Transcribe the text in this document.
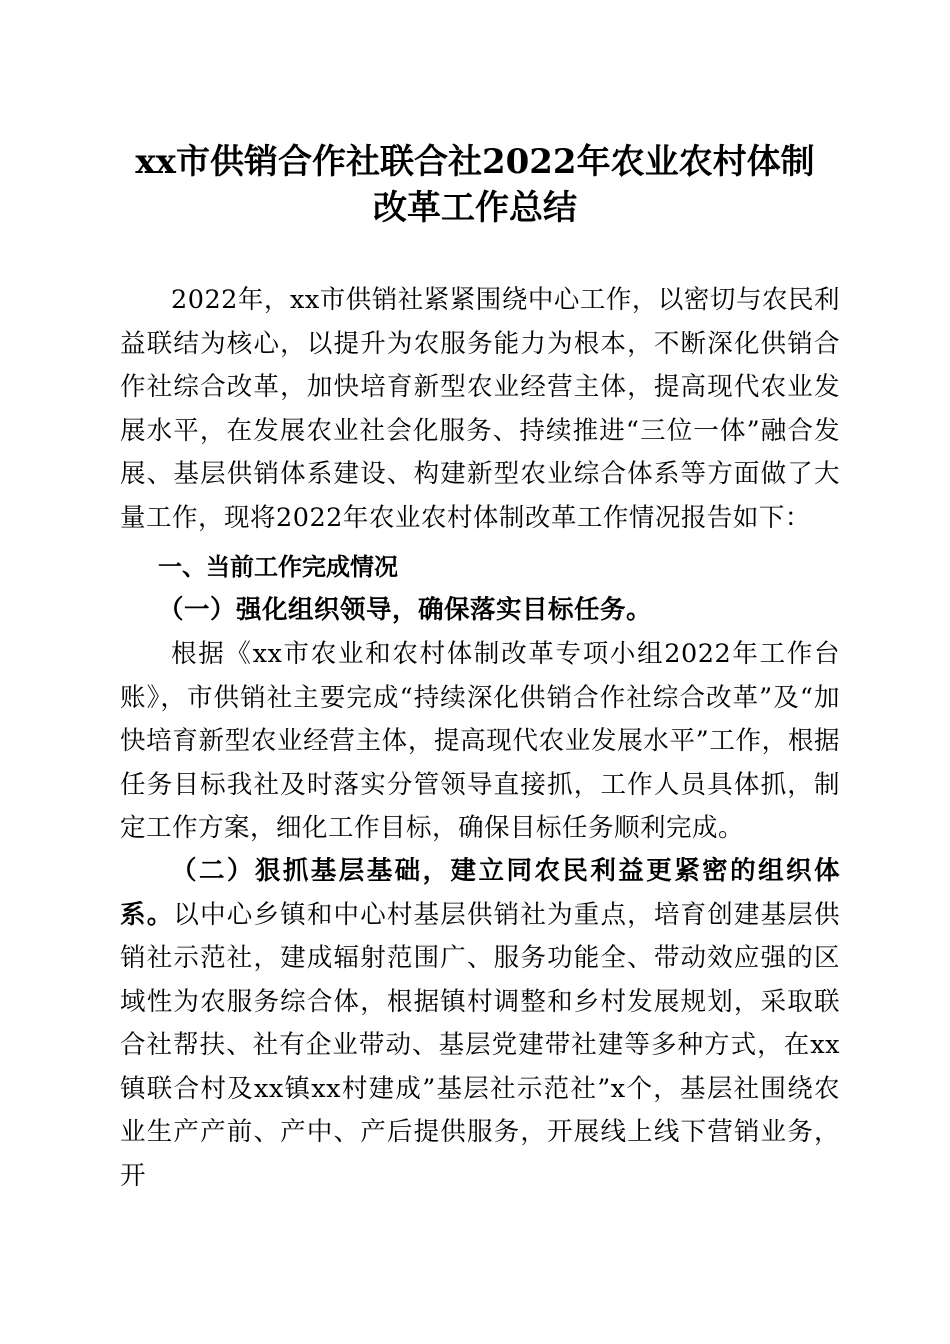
xx市供销合作社联合社2022年农业农村体制
改革工作总结

2022年，xx市供销社紧紧围绕中心工作，以密切与农民利益联结为核心，以提升为农服务能力为根本，不断深化供销合作社综合改革，加快培育新型农业经营主体，提高现代农业发展水平，在发展农业社会化服务、持续推进“三位一体”融合发展、基层供销体系建设、构建新型农业综合体系等方面做了大量工作，现将2022年农业农村体制改革工作情况报告如下：

一、当前工作完成情况

（一）强化组织领导，确保落实目标任务。

根据《xx市农业和农村体制改革专项小组2022年工作台账》，市供销社主要完成“持续深化供销合作社综合改革”及“加快培育新型农业经营主体，提高现代农业发展水平”工作，根据任务目标我社及时落实分管领导直接抓，工作人员具体抓，制定工作方案，细化工作目标，确保目标任务顺利完成。

（二）狠抓基层基础，建立同农民利益更紧密的组织体系。以中心乡镇和中心村基层供销社为重点，培育创建基层供销社示范社，建成辐射范围广、服务功能全、带动效应强的区域性为农服务综合体，根据镇村调整和乡村发展规划，采取联合社帮扶、社有企业带动、基层党建带社建等多种方式，在xx镇联合村及xx镇xx村建成”基层社示范社”x个，基层社围绕农业生产产前、产中、产后提供服务，开展线上线下营销业务，开
